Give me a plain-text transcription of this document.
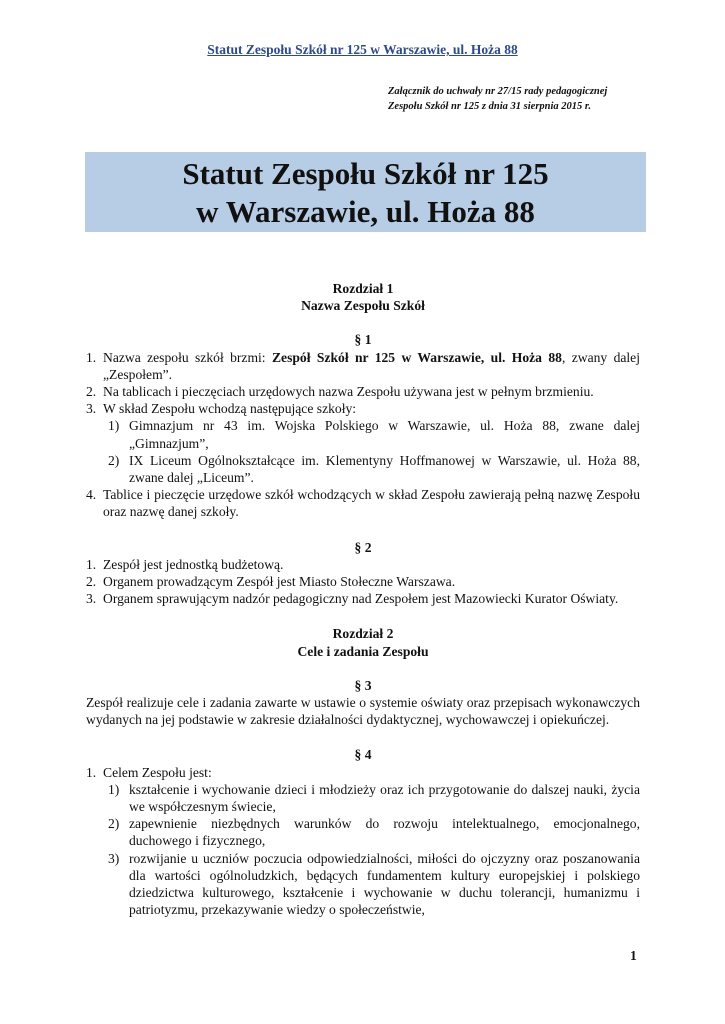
Statut Zespołu Szkół nr 125 w Warszawie, ul. Hoża 88
Załącznik do uchwały nr 27/15 rady pedagogicznej
Zespołu Szkół nr 125 z dnia 31 sierpnia 2015 r.
Statut Zespołu Szkół nr 125
w Warszawie, ul. Hoża 88
Rozdział 1
Nazwa Zespołu Szkół
§ 1
1. Nazwa zespołu szkół brzmi: Zespół Szkół nr 125 w Warszawie, ul. Hoża 88, zwany dalej „Zespołem”.
2. Na tablicach i pieczęciach urzędowych nazwa Zespołu używana jest w pełnym brzmieniu.
3. W skład Zespołu wchodzą następujące szkoły:
1) Gimnazjum nr 43 im. Wojska Polskiego w Warszawie, ul. Hoża 88, zwane dalej „Gimnazjum”,
2) IX Liceum Ogólnokształcące im. Klementyny Hoffmanowej w Warszawie, ul. Hoża 88, zwane dalej „Liceum”.
4. Tablice i pieczęcie urzędowe szkół wchodzących w skład Zespołu zawierają pełną nazwę Zespołu oraz nazwę danej szkoły.
§ 2
1. Zespół jest jednostką budżetową.
2. Organem prowadzącym Zespół jest Miasto Stołeczne Warszawa.
3. Organem sprawującym nadzór pedagogiczny nad Zespołem jest Mazowiecki Kurator Oświaty.
Rozdział 2
Cele i zadania Zespołu
§ 3
Zespół realizuje cele i zadania zawarte w ustawie o systemie oświaty oraz przepisach wykonawczych wydanych na jej podstawie w zakresie działalności dydaktycznej, wychowawczej i opiekuńczej.
§ 4
1. Celem Zespołu jest:
1) kształcenie i wychowanie dzieci i młodzieży oraz ich przygotowanie do dalszej nauki, życia we współczesnym świecie,
2) zapewnienie niezbędnych warunków do rozwoju intelektualnego, emocjonalnego, duchowego i fizycznego,
3) rozwijanie u uczniów poczucia odpowiedzialności, miłości do ojczyzny oraz poszanowania dla wartości ogólnoludzkich, będących fundamentem kultury europejskiej i polskiego dziedzictwa kulturowego, kształcenie i wychowanie w duchu tolerancji, humanizmu i patriotyzmu, przekazywanie wiedzy o społeczeństwie,
1
